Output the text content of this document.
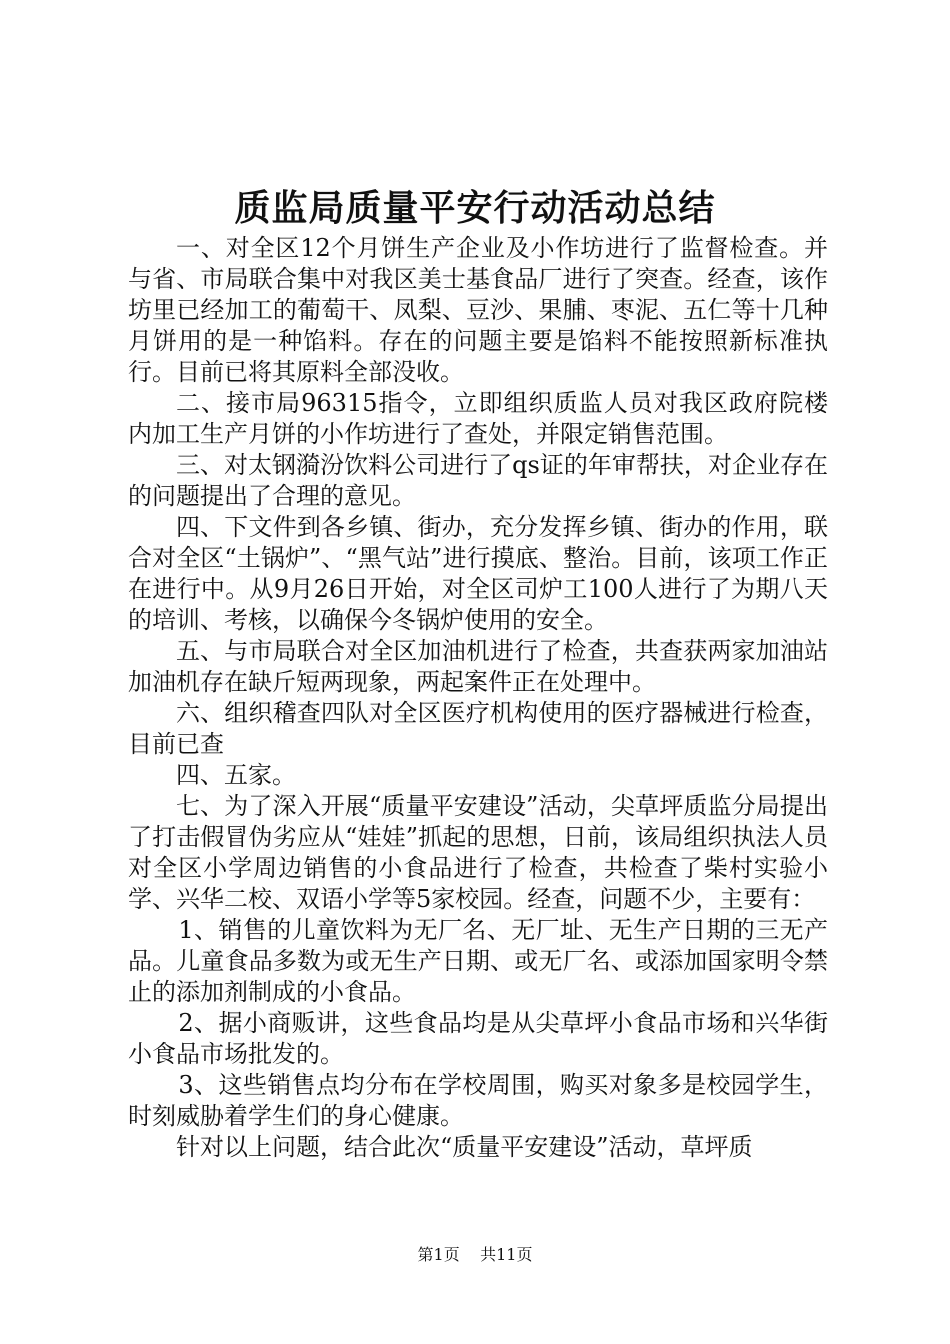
质监局质量平安行动活动总结

一、对全区12个月饼生产企业及小作坊进行了监督检查。并与省、市局联合集中对我区美士基食品厂进行了突查。经查，该作坊里已经加工的葡萄干、凤梨、豆沙、果脯、枣泥、五仁等十几种月饼用的是一种馅料。存在的问题主要是馅料不能按照新标准执行。目前已将其原料全部没收。

二、接市局96315指令，立即组织质监人员对我区政府院楼内加工生产月饼的小作坊进行了查处，并限定销售范围。

三、对太钢漪汾饮料公司进行了qs证的年审帮扶，对企业存在的问题提出了合理的意见。

四、下文件到各乡镇、街办，充分发挥乡镇、街办的作用，联合对全区“土锅炉”、“黑气站”进行摸底、整治。目前，该项工作正在进行中。从9月26日开始，对全区司炉工100人进行了为期八天的培训、考核，以确保今冬锅炉使用的安全。

五、与市局联合对全区加油机进行了检查，共查获两家加油站加油机存在缺斤短两现象，两起案件正在处理中。

六、组织稽查四队对全区医疗机构使用的医疗器械进行检查，目前已查

四、五家。

七、为了深入开展“质量平安建设”活动，尖草坪质监分局提出了打击假冒伪劣应从“娃娃”抓起的思想，日前，该局组织执法人员对全区小学周边销售的小食品进行了检查，共检查了柴村实验小学、兴华二校、双语小学等5家校园。经查，问题不少，主要有：

1、销售的儿童饮料为无厂名、无厂址、无生产日期的三无产品。儿童食品多数为或无生产日期、或无厂名、或添加国家明令禁止的添加剂制成的小食品。

2、据小商贩讲，这些食品均是从尖草坪小食品市场和兴华街小食品市场批发的。

3、这些销售点均分布在学校周围，购买对象多是校园学生，时刻威胁着学生们的身心健康。

针对以上问题，结合此次“质量平安建设”活动，草坪质

第1页 共11页
